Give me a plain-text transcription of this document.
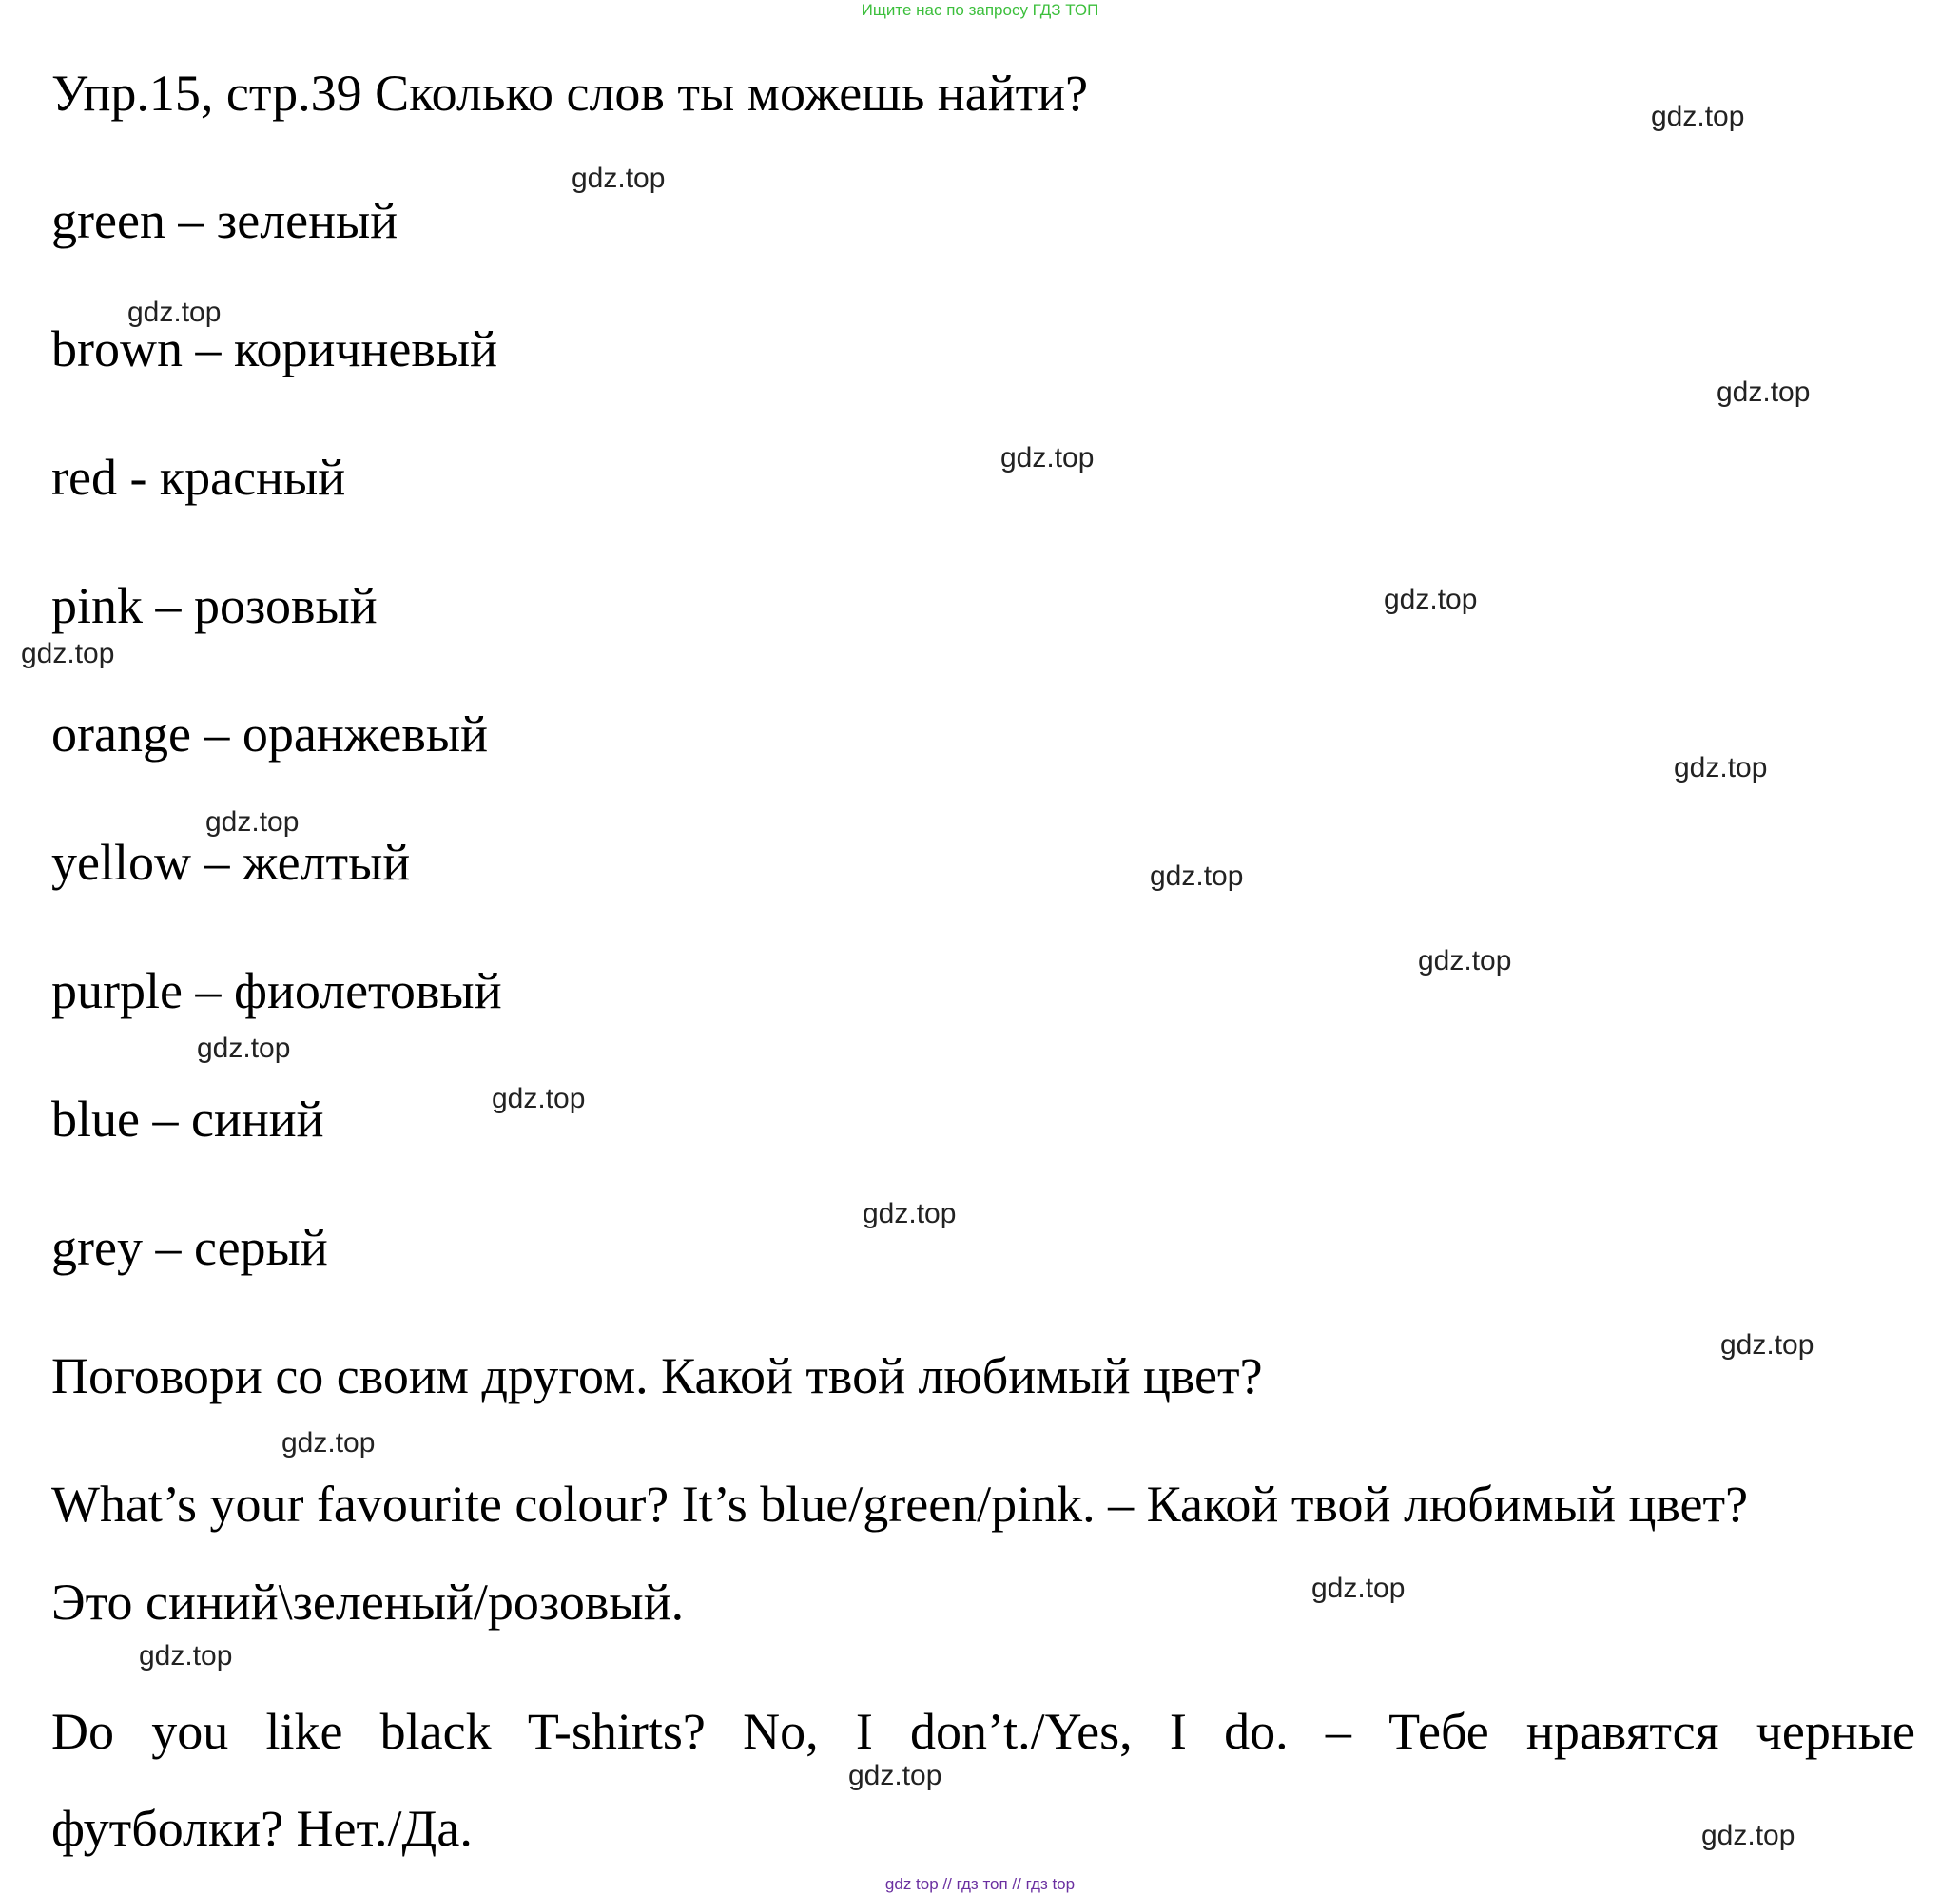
Ищите нас по запросу ГДЗ ТОП
Упр.15, стр.39 Сколько слов ты можешь найти?
green – зеленый
brown – коричневый
red - красный
pink – розовый
orange – оранжевый
yellow – желтый
purple – фиолетовый
blue – синий
grey – серый
Поговори со своим другом. Какой твой любимый цвет?
What’s your favourite colour? It’s blue/green/pink. – Какой твой любимый цвет?
Это синий\зеленый/розовый.
Do you like black T-shirts? No, I don’t./Yes, I do. – Тебе нравятся черные
футболки? Нет./Да.
gdz.top
gdz.top
gdz.top
gdz.top
gdz.top
gdz.top
gdz.top
gdz.top
gdz.top
gdz.top
gdz.top
gdz.top
gdz.top
gdz.top
gdz.top
gdz.top
gdz.top
gdz.top
gdz.top
gdz.top
gdz top // гдз топ // гдз top
